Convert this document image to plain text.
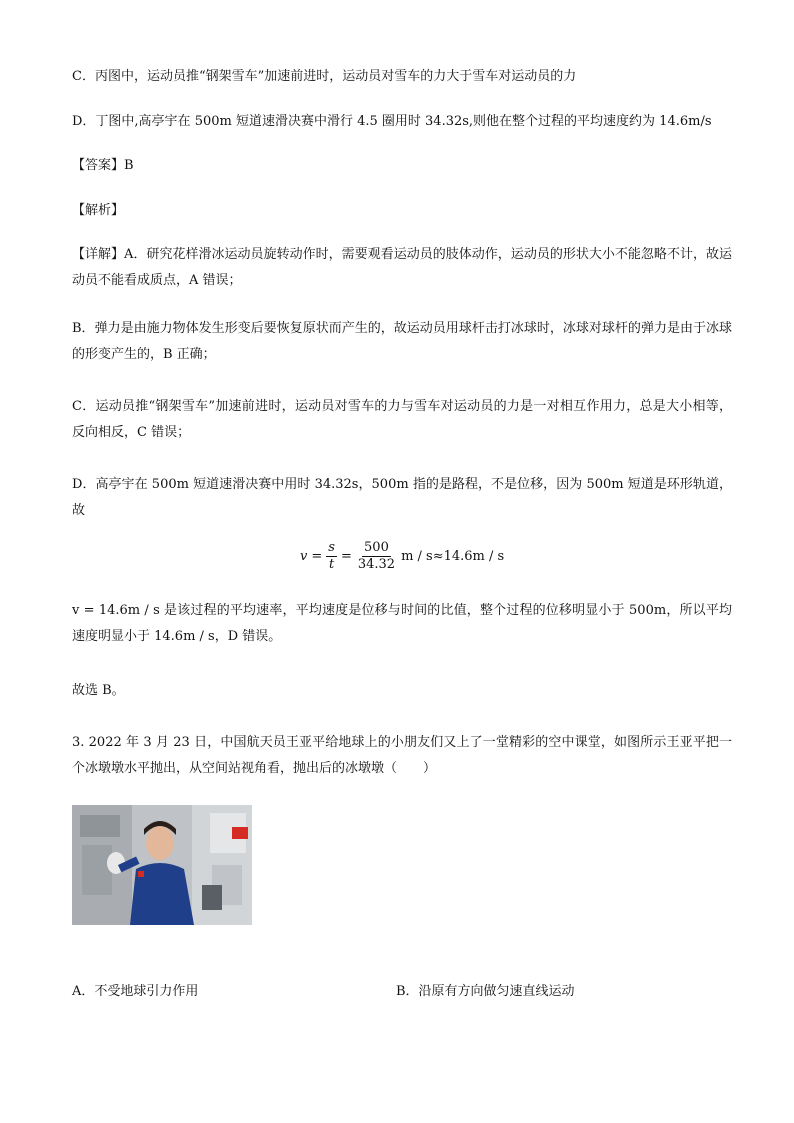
C．丙图中，运动员推“钢架雪车”加速前进时，运动员对雪车的力大于雪车对运动员的力
D．丁图中,高亭宇在 500m 短道速滑决赛中滑行 4.5 圈用时 34.32s,则他在整个过程的平均速度约为 14.6m/s
【答案】B
【解析】
【详解】A．研究花样滑冰运动员旋转动作时，需要观看运动员的肢体动作，运动员的形状大小不能忽略不计，故运动员不能看成质点，A 错误；
B．弹力是由施力物体发生形变后要恢复原状而产生的，故运动员用球杆击打冰球时，冰球对球杆的弹力是由于冰球的形变产生的，B 正确；
C．运动员推“钢架雪车”加速前进时，运动员对雪车的力与雪车对运动员的力是一对相互作用力，总是大小相等，反向相反，C 错误；
D．高亭宇在 500m 短道速滑决赛中用时 34.32s，500m 指的是路程，不是位移，因为 500m 短道是环形轨道，故
$v = \frac{s}{t} = \frac{500}{34.32}$ m / s≈14.6m / s
v = 14.6m / s 是该过程的平均速率，平均速度是位移与时间的比值，整个过程的位移明显小于 500m，所以平均速度明显小于 14.6m / s，D 错误。
故选 B。
3. 2022 年 3 月 23 日，中国航天员王亚平给地球上的小朋友们又上了一堂精彩的空中课堂，如图所示王亚平把一个冰墩墩水平抛出，从空间站视角看，抛出后的冰墩墩（　　）
A．不受地球引力作用	B．沿原有方向做匀速直线运动
